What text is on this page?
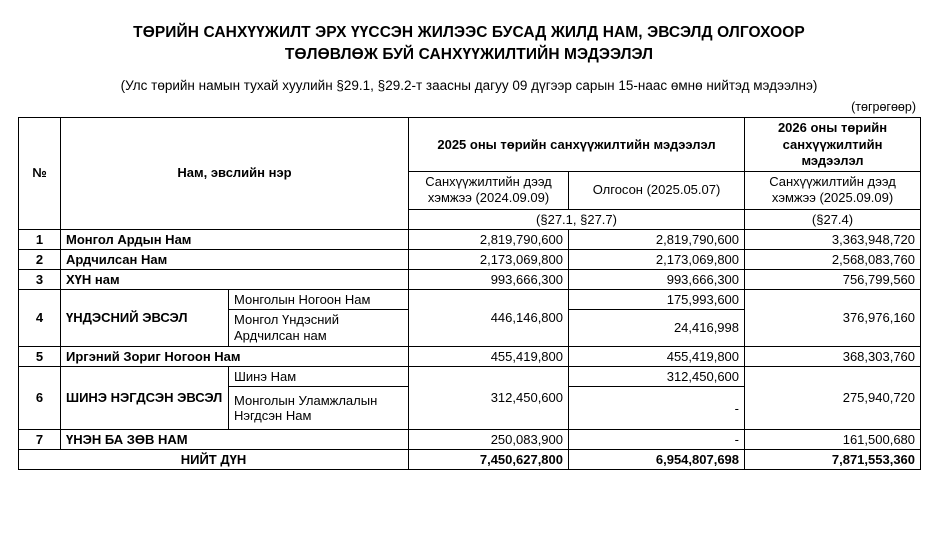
ТӨРИЙН САНХҮҮЖИЛТ ЭРХ ҮҮССЭН ЖИЛЭЭС БУСАД ЖИЛД НАМ, ЭВСЭЛД ОЛГОХООР
ТӨЛӨВЛӨЖ БУЙ САНХҮҮЖИЛТИЙН МЭДЭЭЛЭЛ
(Улс төрийн намын тухай хуулийн §29.1, §29.2-т заасны дагуу 09 дүгээр сарын 15-наас өмнө нийтэд мэдээлнэ)
(төгрөгөөр)
№	Нам, эвслийн нэр		2025 оны төрийн санхүүжилтийн мэдээлэл		2026 оны төрийн санхүүжилтийн мэдээлэл
			Санхүүжилтийн дээд хэмжээ (2024.09.09)	Олгосон (2025.05.07)	Санхүүжилтийн дээд хэмжээ (2025.09.09)
			(§27.1, §27.7)		(§27.4)
1	Монгол Ардын Нам		2,819,790,600	2,819,790,600	3,363,948,720
2	Ардчилсан Нам		2,173,069,800	2,173,069,800	2,568,083,760
3	ХҮН нам		993,666,300	993,666,300	756,799,560
4	ҮНДЭСНИЙ ЭВСЭЛ	Монголын Ногоон Нам	446,146,800	175,993,600	376,976,160
		Монгол Үндэсний Ардчилсан нам		24,416,998	
5	Иргэний Зориг Ногоон Нам		455,419,800	455,419,800	368,303,760
6	ШИНЭ НЭГДСЭН ЭВСЭЛ	Шинэ Нам	312,450,600	312,450,600	275,940,720
		Монголын Уламжлалын Нэгдсэн Нам		-	
7	ҮНЭН БА ЗӨВ НАМ		250,083,900	-	161,500,680
НИЙТ ДҮН			7,450,627,800	6,954,807,698	7,871,553,360
